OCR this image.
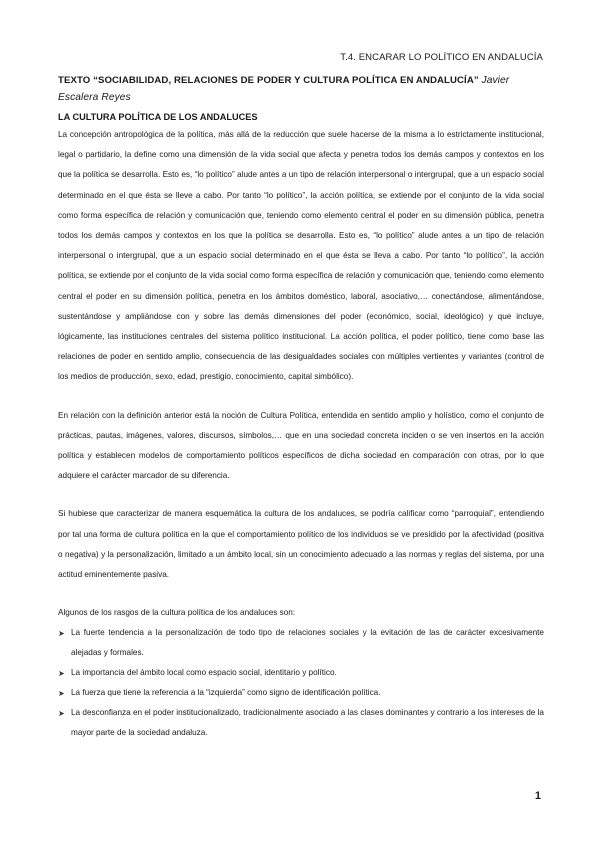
T.4. ENCARAR LO POLÍTICO EN ANDALUCÍA

TEXTO “SOCIABILIDAD, RELACIONES DE PODER Y CULTURA POLÍTICA EN ANDALUCÍA” Javier Escalera Reyes

LA CULTURA POLÍTICA DE LOS ANDALUCES

La concepción antropológica de la política, más allá de la reducción que suele hacerse de la misma a lo estrictamente institucional, legal o partidario, la define como una dimensión de la vida social que afecta y penetra todos los demás campos y contextos en los que la política se desarrolla. Esto es, “lo político” alude antes a un tipo de relación interpersonal o intergrupal, que a un espacio social determinado en el que ésta se lleve a cabo. Por tanto “lo político”, la acción política, se extiende por el conjunto de la vida social como forma específica de relación y comunicación que, teniendo como elemento central el poder en su dimensión pública, penetra todos los demás campos y contextos en los que la política se desarrolla. Esto es, “lo político” alude antes a un tipo de relación interpersonal o intergrupal, que a un espacio social determinado en el que ésta se lleva a cabo. Por tanto “lo político”, la acción política, se extiende por el conjunto de la vida social como forma específica de relación y comunicación que, teniendo como elemento central el poder en su dimensión política, penetra en los ámbitos doméstico, laboral, asociativo,… conectándose, alimentándose, sustentándose y ampliándose con y sobre las demás dimensiones del poder (económico, social, ideológico) y que incluye, lógicamente, las instituciones centrales del sistema político institucional. La acción política, el poder político, tiene como base las relaciones de poder en sentido amplio, consecuencia de las desigualdades sociales con múltiples vertientes y variantes (control de los medios de producción, sexo, edad, prestigio, conocimiento, capital simbólico).

En relación con la definición anterior está la noción de Cultura Política, entendida en sentido amplio y holístico, como el conjunto de prácticas, pautas, imágenes, valores, discursos, símbolos,… que en una sociedad concreta inciden o se ven insertos en la acción política y establecen modelos de comportamiento políticos específicos de dicha sociedad en comparación con otras, por lo que adquiere el carácter marcador de su diferencia.

Si hubiese que caracterizar de manera esquemática la cultura de los andaluces, se podría calificar como “parroquial”, entendiendo por tal una forma de cultura política en la que el comportamiento político de los individuos se ve presidido por la afectividad (positiva o negativa) y la personalización, limitado a un ámbito local, sin un conocimiento adecuado a las normas y reglas del sistema, por una actitud eminentemente pasiva.

Algunos de los rasgos de la cultura política de los andaluces son:

➤ La fuerte tendencia a la personalización de todo tipo de relaciones sociales y la evitación de las de carácter excesivamente alejadas y formales.
➤ La importancia del ámbito local como espacio social, identitario y político.
➤ La fuerza que tiene la referencia a la “izquierda” como signo de identificación política.
➤ La desconfianza en el poder institucionalizado, tradicionalmente asociado a las clases dominantes y contrario a los intereses de la mayor parte de la sociedad andaluza.
1
